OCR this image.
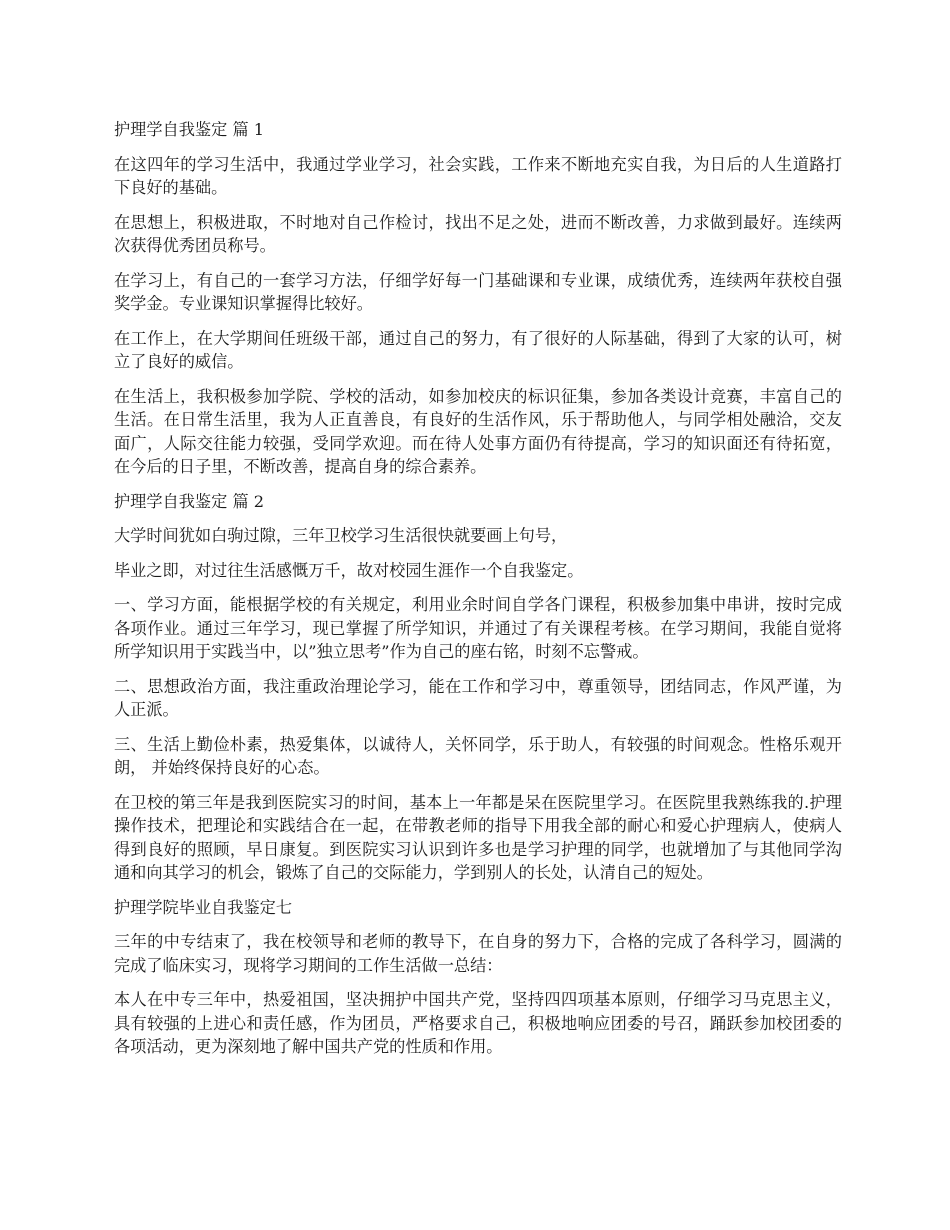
护理学自我鉴定 篇 1

在这四年的学习生活中，我通过学业学习，社会实践，工作来不断地充实自我，为日后的人生道路打下良好的基础。

在思想上，积极进取，不时地对自己作检讨，找出不足之处，进而不断改善，力求做到最好。连续两次获得优秀团员称号。

在学习上，有自己的一套学习方法，仔细学好每一门基础课和专业课，成绩优秀，连续两年获校自强奖学金。专业课知识掌握得比较好。

在工作上，在大学期间任班级干部，通过自己的努力，有了很好的人际基础，得到了大家的认可，树立了良好的威信。

在生活上，我积极参加学院、学校的活动，如参加校庆的标识征集，参加各类设计竞赛，丰富自己的生活。在日常生活里，我为人正直善良，有良好的生活作风，乐于帮助他人，与同学相处融洽，交友面广，人际交往能力较强，受同学欢迎。而在待人处事方面仍有待提高，学习的知识面还有待拓宽，在今后的日子里，不断改善，提高自身的综合素养。

护理学自我鉴定 篇 2

大学时间犹如白驹过隙，三年卫校学习生活很快就要画上句号，

毕业之即，对过往生活感慨万千，故对校园生涯作一个自我鉴定。

一、学习方面，能根据学校的有关规定，利用业余时间自学各门课程，积极参加集中串讲，按时完成各项作业。通过三年学习，现已掌握了所学知识，并通过了有关课程考核。在学习期间，我能自觉将所学知识用于实践当中，以”独立思考”作为自己的座右铭，时刻不忘警戒。

二、思想政治方面，我注重政治理论学习，能在工作和学习中，尊重领导，团结同志，作风严谨，为人正派。

三、生活上勤俭朴素，热爱集体，以诚待人，关怀同学，乐于助人，有较强的时间观念。性格乐观开朗， 并始终保持良好的心态。

在卫校的第三年是我到医院实习的时间，基本上一年都是呆在医院里学习。在医院里我熟练我的.护理操作技术，把理论和实践结合在一起，在带教老师的指导下用我全部的耐心和爱心护理病人，使病人得到良好的照顾，早日康复。到医院实习认识到许多也是学习护理的同学，也就增加了与其他同学沟通和向其学习的机会，锻炼了自己的交际能力，学到别人的长处，认清自己的短处。

护理学院毕业自我鉴定七

三年的中专结束了，我在校领导和老师的教导下，在自身的努力下，合格的完成了各科学习，圆满的完成了临床实习，现将学习期间的工作生活做一总结：

本人在中专三年中，热爱祖国，坚决拥护中国共产党，坚持四四项基本原则，仔细学习马克思主义，具有较强的上进心和责任感，作为团员，严格要求自己，积极地响应团委的号召，踊跃参加校团委的各项活动，更为深刻地了解中国共产党的性质和作用。
